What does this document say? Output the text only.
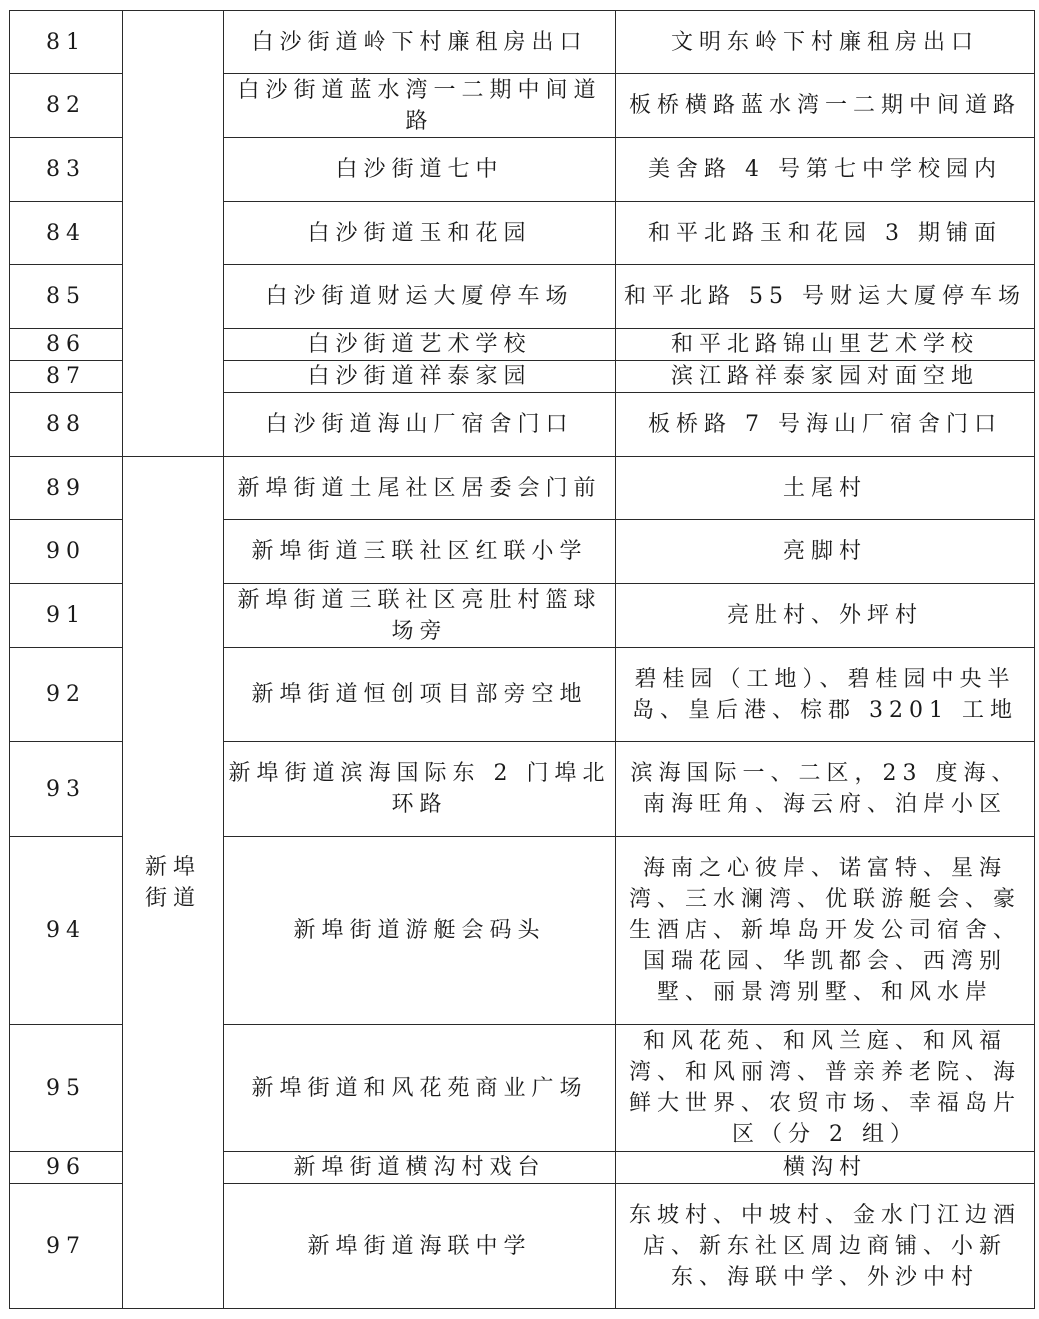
81		白沙街道岭下村廉租房出口	文明东岭下村廉租房出口
82		白沙街道蓝水湾一二期中间道路	板桥横路蓝水湾一二期中间道路
83		白沙街道七中	美舍路 4 号第七中学校园内
84		白沙街道玉和花园	和平北路玉和花园 3 期铺面
85		白沙街道财运大厦停车场	和平北路 55 号财运大厦停车场
86		白沙街道艺术学校	和平北路锦山里艺术学校
87		白沙街道祥泰家园	滨江路祥泰家园对面空地
88		白沙街道海山厂宿舍门口	板桥路 7 号海山厂宿舍门口
89	新埠街道	新埠街道土尾社区居委会门前	土尾村
90		新埠街道三联社区红联小学	亮脚村
91		新埠街道三联社区亮肚村篮球场旁	亮肚村、外坪村
92		新埠街道恒创项目部旁空地	碧桂园（工地）、碧桂园中央半岛、皇后港、棕郡 3201 工地
93		新埠街道滨海国际东 2 门埠北环路	滨海国际一、二区，23 度海、南海旺角、海云府、泊岸小区
94		新埠街道游艇会码头	海南之心彼岸、诺富特、星海湾、三水澜湾、优联游艇会、豪生酒店、新埠岛开发公司宿舍、国瑞花园、华凯都会、西湾别墅、丽景湾别墅、和风水岸
95		新埠街道和风花苑商业广场	和风花苑、和风兰庭、和风福湾、和风丽湾、普亲养老院、海鲜大世界、农贸市场、幸福岛片区（分 2 组）
96		新埠街道横沟村戏台	横沟村
97		新埠街道海联中学	东坡村、中坡村、金水门江边酒店、新东社区周边商铺、小新东、海联中学、外沙中村
